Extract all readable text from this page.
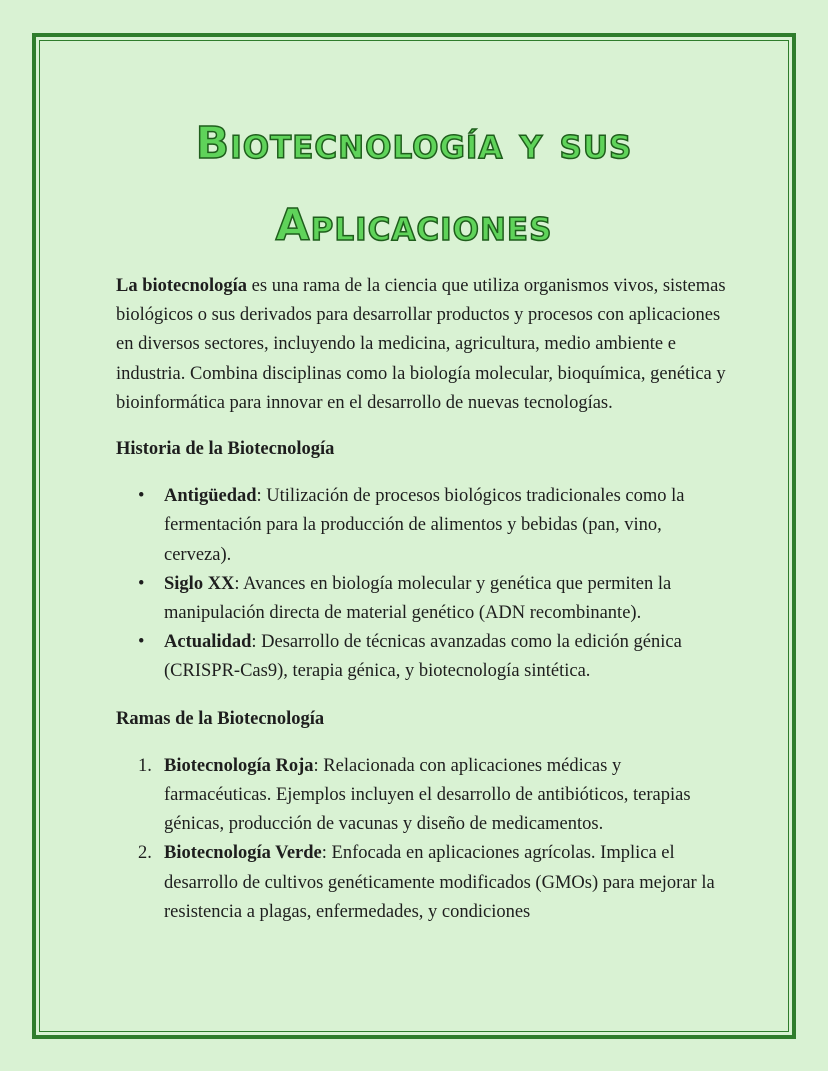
Biotecnología y sus
Aplicaciones

La biotecnología es una rama de la ciencia que utiliza organismos vivos, sistemas biológicos o sus derivados para desarrollar productos y procesos con aplicaciones en diversos sectores, incluyendo la medicina, agricultura, medio ambiente e industria. Combina disciplinas como la biología molecular, bioquímica, genética y bioinformática para innovar en el desarrollo de nuevas tecnologías.

Historia de la Biotecnología

• Antigüedad: Utilización de procesos biológicos tradicionales como la fermentación para la producción de alimentos y bebidas (pan, vino, cerveza).
• Siglo XX: Avances en biología molecular y genética que permiten la manipulación directa de material genético (ADN recombinante).
• Actualidad: Desarrollo de técnicas avanzadas como la edición génica (CRISPR-Cas9), terapia génica, y biotecnología sintética.

Ramas de la Biotecnología

1. Biotecnología Roja: Relacionada con aplicaciones médicas y farmacéuticas. Ejemplos incluyen el desarrollo de antibióticos, terapias génicas, producción de vacunas y diseño de medicamentos.
2. Biotecnología Verde: Enfocada en aplicaciones agrícolas. Implica el desarrollo de cultivos genéticamente modificados (GMOs) para mejorar la resistencia a plagas, enfermedades, y condiciones
